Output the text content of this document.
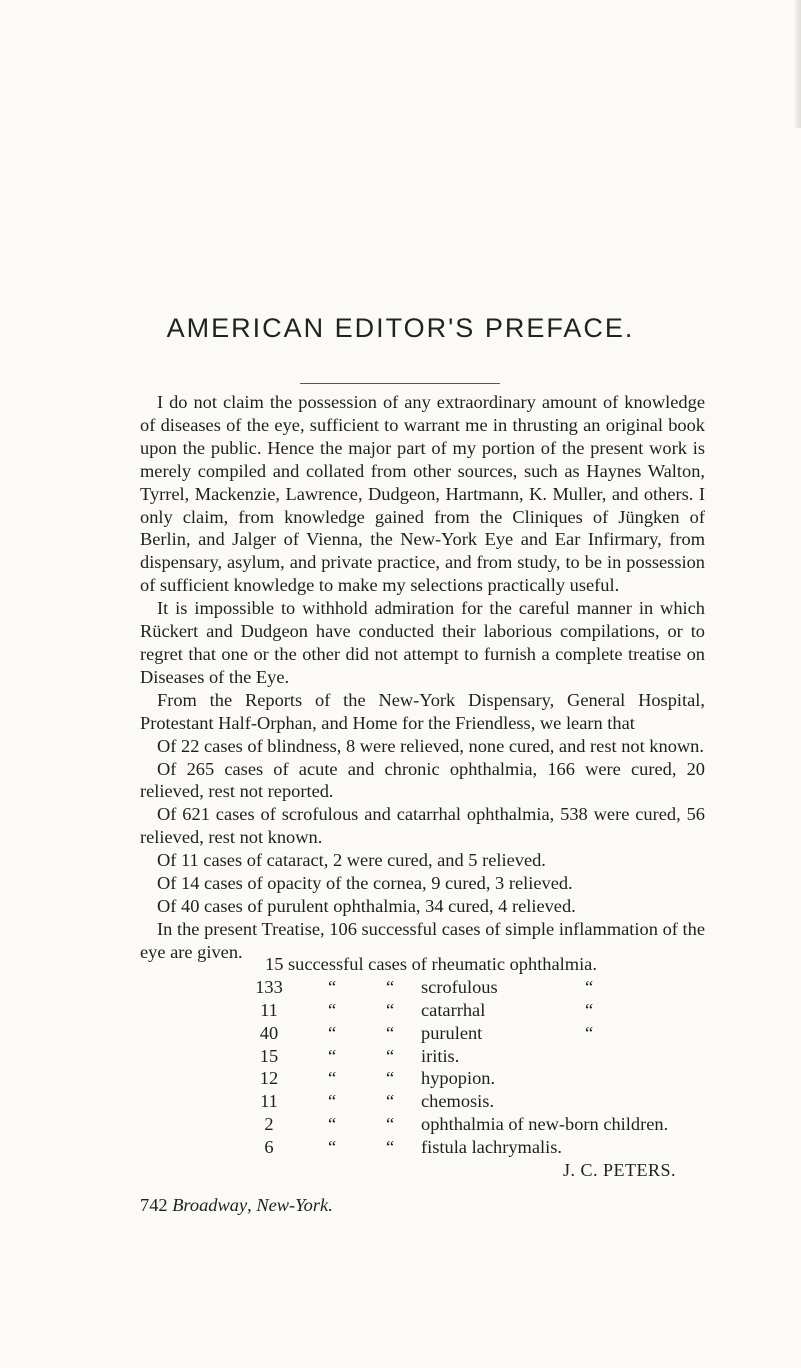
AMERICAN EDITOR'S PREFACE.

I do not claim the possession of any extraordinary amount of knowledge of diseases of the eye, sufficient to warrant me in thrusting an original book upon the public. Hence the major part of my portion of the present work is merely compiled and collated from other sources, such as Haynes Walton, Tyrrel, Mackenzie, Lawrence, Dudgeon, Hartmann, K. Muller, and others. I only claim, from knowledge gained from the Cliniques of Jüngken of Berlin, and Jalger of Vienna, the New-York Eye and Ear Infirmary, from dispensary, asylum, and private practice, and from study, to be in possession of sufficient knowledge to make my selections practically useful.

It is impossible to withhold admiration for the careful manner in which Rückert and Dudgeon have conducted their laborious compilations, or to regret that one or the other did not attempt to furnish a complete treatise on Diseases of the Eye.

From the Reports of the New-York Dispensary, General Hospital, Protestant Half-Orphan, and Home for the Friendless, we learn that

Of 22 cases of blindness, 8 were relieved, none cured, and rest not known.

Of 265 cases of acute and chronic ophthalmia, 166 were cured, 20 relieved, rest not reported.

Of 621 cases of scrofulous and catarrhal ophthalmia, 538 were cured, 56 relieved, rest not known.

Of 11 cases of cataract, 2 were cured, and 5 relieved.

Of 14 cases of opacity of the cornea, 9 cured, 3 relieved.

Of 40 cases of purulent ophthalmia, 34 cured, 4 relieved.

In the present Treatise, 106 successful cases of simple inflammation of the eye are given.

15 successful cases of rheumatic ophthalmia.
133	“	“ scrofulous	“
11	“	“ catarrhal	“
40	“	“ purulent	“
15	“	“ iritis.
12	“	“ hypopion.
11	“	“ chemosis.
2	“	“ ophthalmia of new-born children.
6	“	“ fistula lachrymalis.
J. C. PETERS.
742 Broadway, New-York.
